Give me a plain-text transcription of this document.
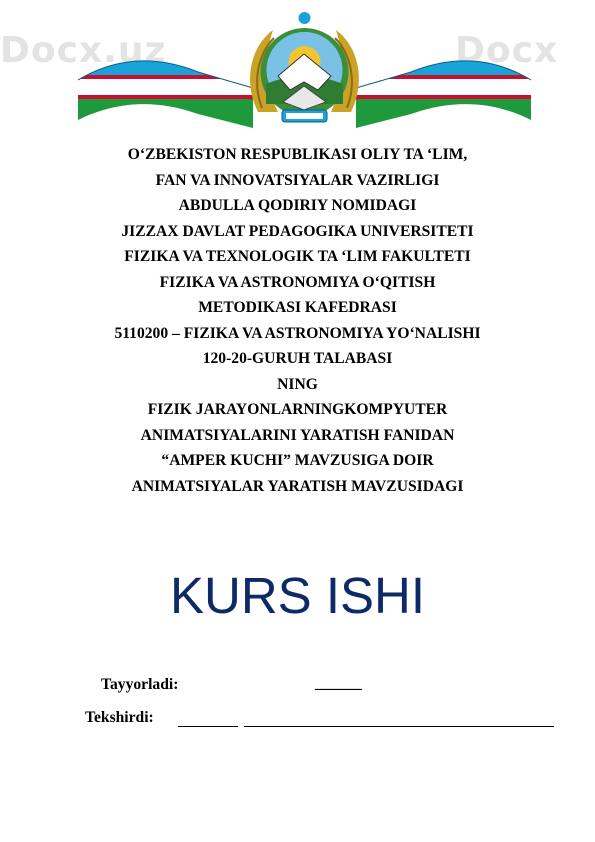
Docx.uz	Docx
O‘ZBEKISTON RESPUBLIKASI OLIY TA ‘LIM,
FAN VA INNOVATSIYALAR VAZIRLIGI
ABDULLA QODIRIY NOMIDAGI
JIZZAX DAVLAT PEDAGOGIKA UNIVERSITETI
FIZIKA VA TEXNOLOGIK TA ‘LIM FAKULTETI
FIZIKA VA ASTRONOMIYA O‘QITISH
METODIKASI KAFEDRASI
5110200 – FIZIKA VA ASTRONOMIYA YO‘NALISHI
120-20-GURUH TALABASI
NING
FIZIK JARAYONLARNINGKOMPYUTER
ANIMATSIYALARINI YARATISH FANIDAN
“AMPER KUCHI” MAVZUSIGA DOIR
ANIMATSIYALAR YARATISH MAVZUSIDAGI
KURS ISHI
Tayyorladi:	______
Tekshirdi:
